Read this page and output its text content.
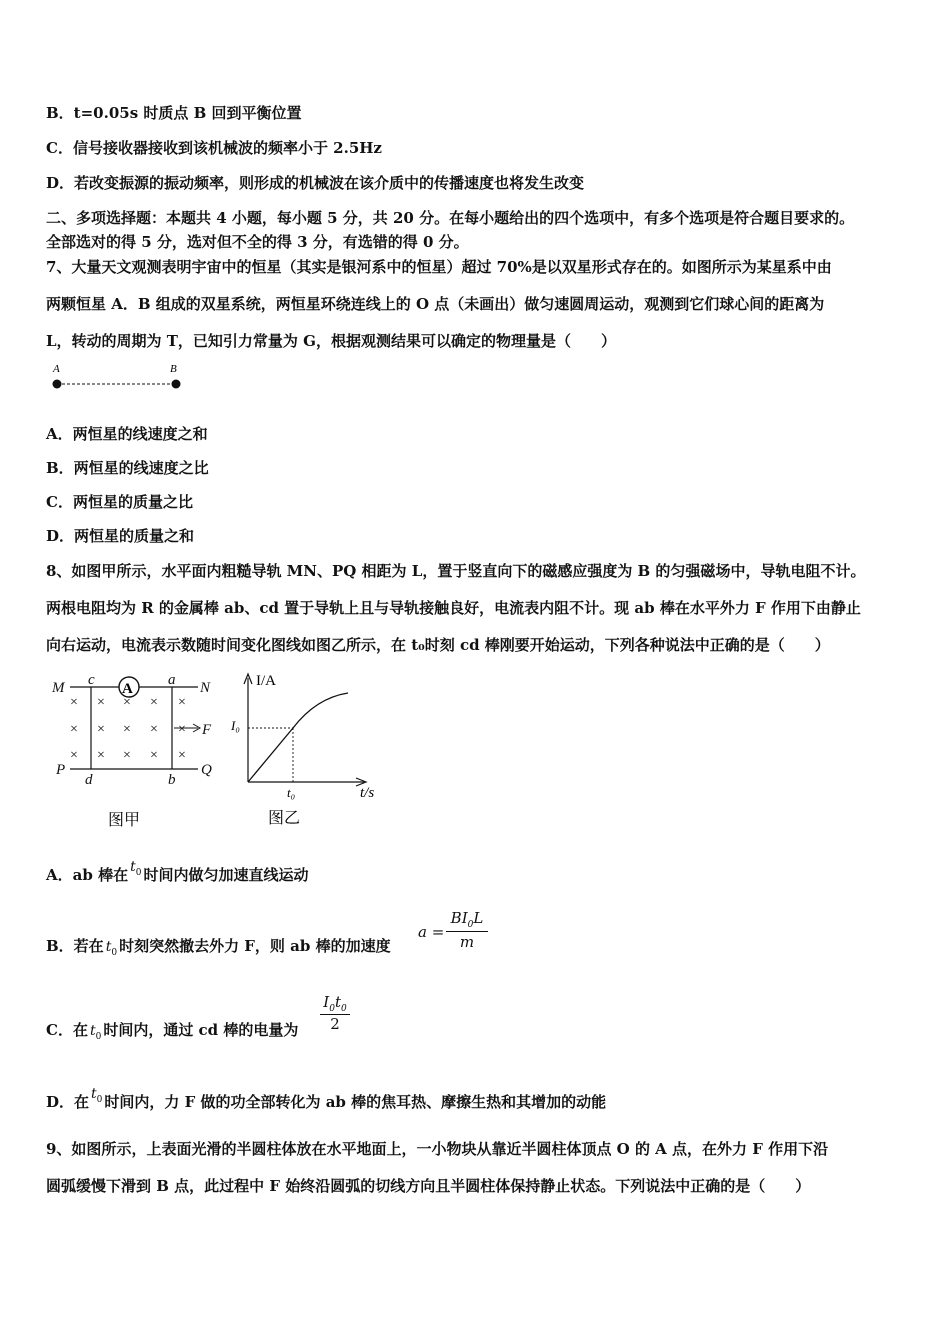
B．t=0.05s 时质点 B 回到平衡位置
C．信号接收器接收到该机械波的频率小于 2.5Hz
D．若改变振源的振动频率，则形成的机械波在该介质中的传播速度也将发生改变
二、多项选择题：本题共 4 小题，每小题 5 分，共 20 分。在每小题给出的四个选项中，有多个选项是符合题目要求的。
全部选对的得 5 分，选对但不全的得 3 分，有选错的得 0 分。
7、大量天文观测表明宇宙中的恒星（其实是银河系中的恒星）超过 70%是以双星形式存在的。如图所示为某星系中由
两颗恒星 A．B 组成的双星系统，两恒星环绕连线上的 O 点（未画出）做匀速圆周运动，观测到它们球心间的距离为
L，转动的周期为 T，已知引力常量为 G，根据观测结果可以确定的物理量是（　　）
A	B
A．两恒星的线速度之和
B．两恒星的线速度之比
C．两恒星的质量之比
D．两恒星的质量之和
8、如图甲所示，水平面内粗糙导轨 MN、PQ 相距为 L，置于竖直向下的磁感应强度为 B 的匀强磁场中，导轨电阻不计。
两根电阻均为 R 的金属棒 ab、cd 置于导轨上且与导轨接触良好，电流表内阻不计。现 ab 棒在水平外力 F 作用下由静止
向右运动，电流表示数随时间变化图线如图乙所示，在 t₀时刻 cd 棒刚要开始运动，下列各种说法中正确的是（　　）
M	N
P	Q
c	a
d	b
F
A
× × × × ×
× × × × ×
× × × × ×
图甲
I/A
t/s
I₀
t₀
图乙
A．ab 棒在 $t_0$ 时间内做匀加速直线运动
B．若在 $t_0$ 时刻突然撤去外力 F，则 ab 棒的加速度
$a = \frac{BI_0L}{m}$
C．在 $t_0$ 时间内，通过 cd 棒的电量为 $\frac{I_0t_0}{2}$
D．在 $t_0$ 时间内，力 F 做的功全部转化为 ab 棒的焦耳热、摩擦生热和其增加的动能
9、如图所示，上表面光滑的半圆柱体放在水平地面上，一小物块从靠近半圆柱体顶点 O 的 A 点，在外力 F 作用下沿
圆弧缓慢下滑到 B 点，此过程中 F 始终沿圆弧的切线方向且半圆柱体保持静止状态。下列说法中正确的是（　　）
